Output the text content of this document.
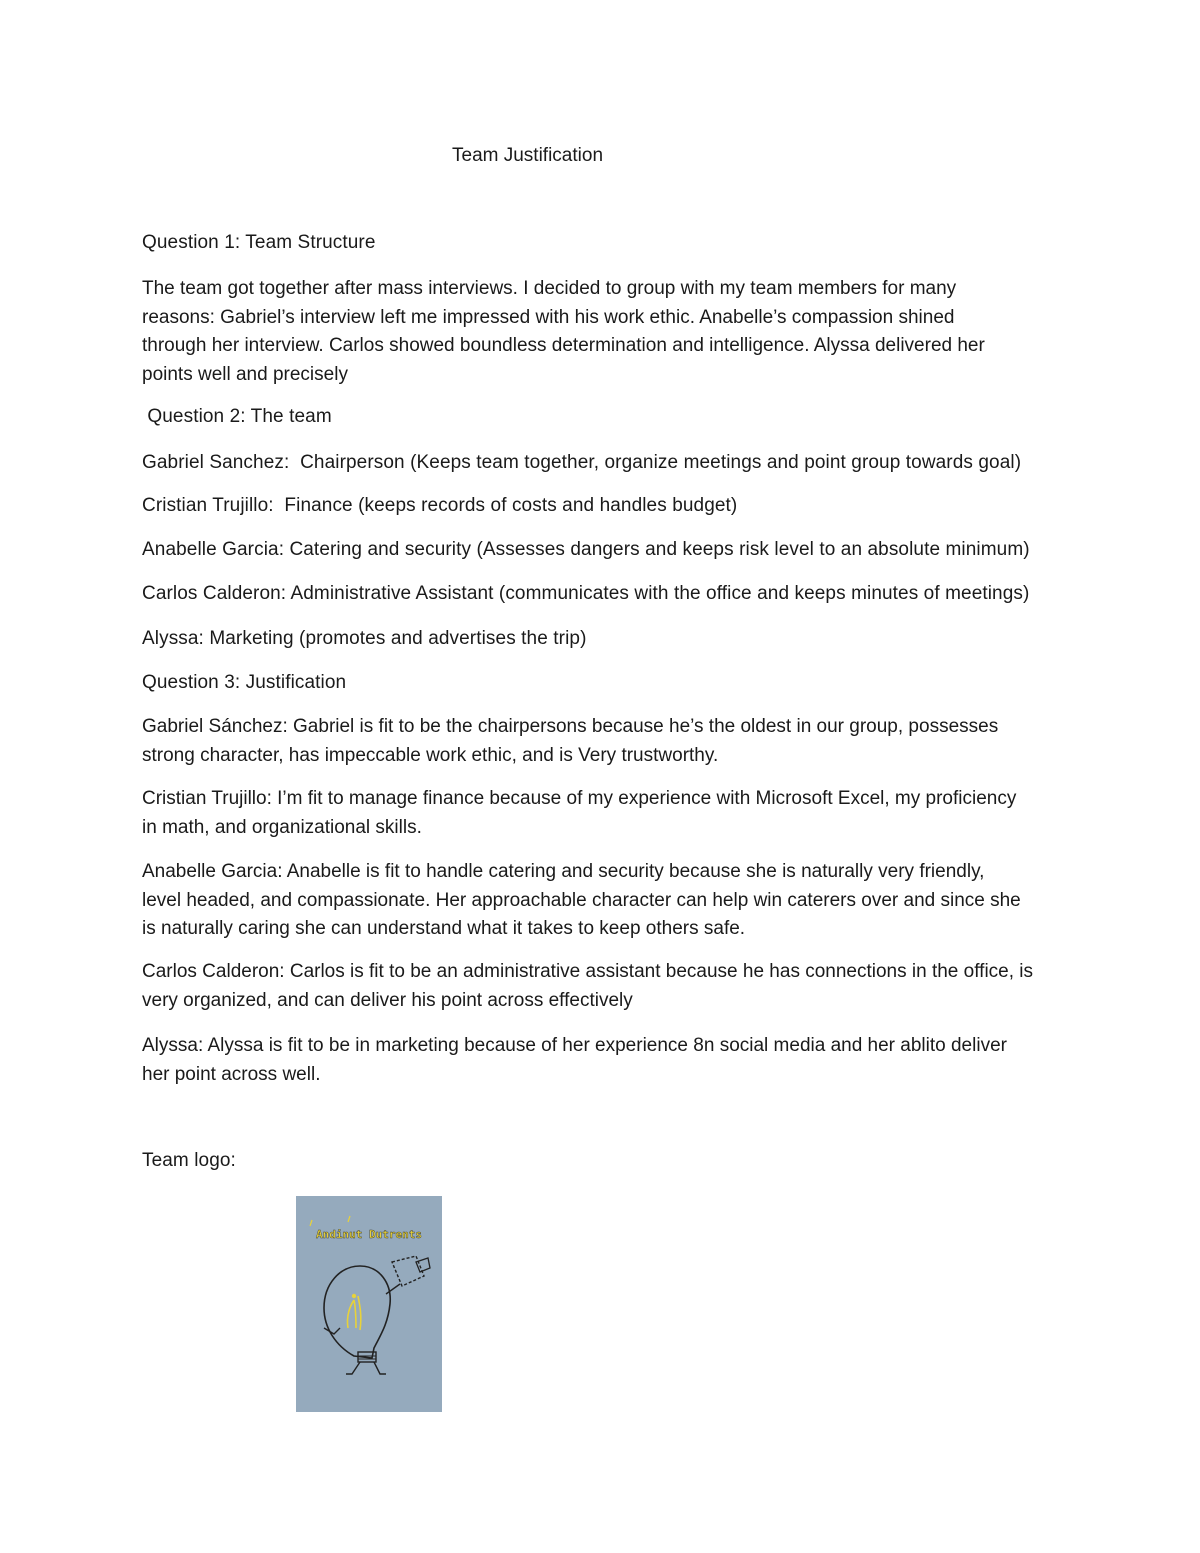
Team Justification
Question 1: Team Structure
The team got together after mass interviews. I decided to group with my team members for many
reasons: Gabriel’s interview left me impressed with his work ethic. Anabelle’s compassion shined
through her interview. Carlos showed boundless determination and intelligence. Alyssa delivered her
points well and precisely
Question 2: The team
Gabriel Sanchez:  Chairperson (Keeps team together, organize meetings and point group towards goal)
Cristian Trujillo:  Finance (keeps records of costs and handles budget)
Anabelle Garcia: Catering and security (Assesses dangers and keeps risk level to an absolute minimum)
Carlos Calderon: Administrative Assistant (communicates with the office and keeps minutes of meetings)
Alyssa: Marketing (promotes and advertises the trip)
Question 3: Justification
Gabriel Sánchez: Gabriel is fit to be the chairpersons because he’s the oldest in our group, possesses
strong character, has impeccable work ethic, and is Very trustworthy.
Cristian Trujillo: I’m fit to manage finance because of my experience with Microsoft Excel, my proficiency
in math, and organizational skills.
Anabelle Garcia: Anabelle is fit to handle catering and security because she is naturally very friendly,
level headed, and compassionate. Her approachable character can help win caterers over and since she
is naturally caring she can understand what it takes to keep others safe.
Carlos Calderon: Carlos is fit to be an administrative assistant because he has connections in the office, is
very organized, and can deliver his point across effectively
Alyssa: Alyssa is fit to be in marketing because of her experience 8n social media and her ablito deliver
her point across well.
Team logo:
Andinut Dutrents
